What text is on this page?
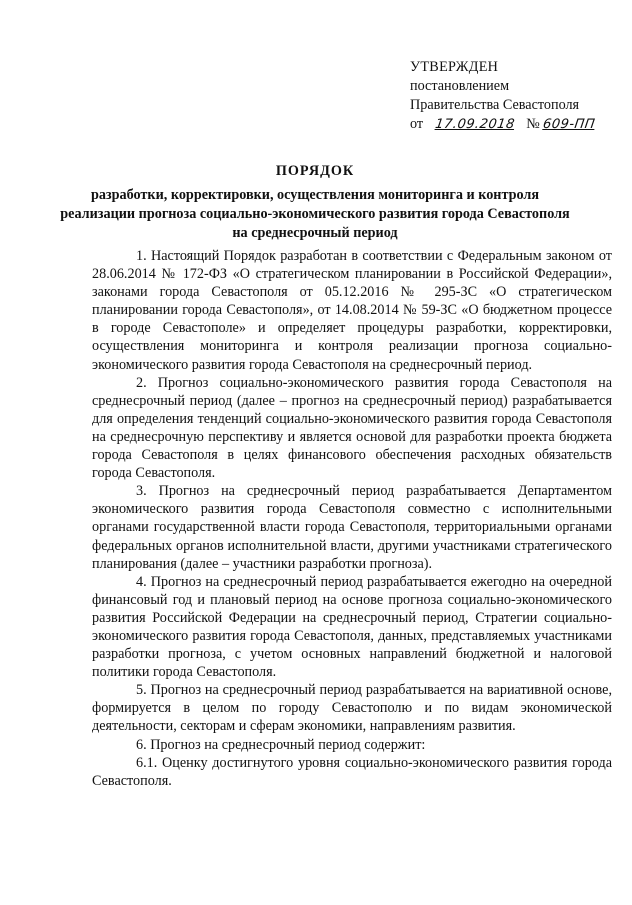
УТВЕРЖДЕН
постановлением
Правительства Севастополя
от 17.09.2018 № 609-ПП
ПОРЯДОК
разработки, корректировки, осуществления мониторинга и контроля реализации прогноза социально-экономического развития города Севастополя на среднесрочный период

1. Настоящий Порядок разработан в соответствии с Федеральным законом от 28.06.2014 № 172-ФЗ «О стратегическом планировании в Российской Федерации», законами города Севастополя от 05.12.2016 № 295-ЗС «О стратегическом планировании города Севастополя», от 14.08.2014 № 59-ЗС «О бюджетном процессе в городе Севастополе» и определяет процедуры разработки, корректировки, осуществления мониторинга и контроля реализации прогноза социально-экономического развития города Севастополя на среднесрочный период.

2. Прогноз социально-экономического развития города Севастополя на среднесрочный период (далее – прогноз на среднесрочный период) разрабатывается для определения тенденций социально-экономического развития города Севастополя на среднесрочную перспективу и является основой для разработки проекта бюджета города Севастополя в целях финансового обеспечения расходных обязательств города Севастополя.

3. Прогноз на среднесрочный период разрабатывается Департаментом экономического развития города Севастополя совместно с исполнительными органами государственной власти города Севастополя, территориальными органами федеральных органов исполнительной власти, другими участниками стратегического планирования (далее – участники разработки прогноза).

4. Прогноз на среднесрочный период разрабатывается ежегодно на очередной финансовый год и плановый период на основе прогноза социально-экономического развития Российской Федерации на среднесрочный период, Стратегии социально-экономического развития города Севастополя, данных, представляемых участниками разработки прогноза, с учетом основных направлений бюджетной и налоговой политики города Севастополя.

5. Прогноз на среднесрочный период разрабатывается на вариативной основе, формируется в целом по городу Севастополю и по видам экономической деятельности, секторам и сферам экономики, направлениям развития.

6. Прогноз на среднесрочный период содержит:

6.1. Оценку достигнутого уровня социально-экономического развития города Севастополя.
